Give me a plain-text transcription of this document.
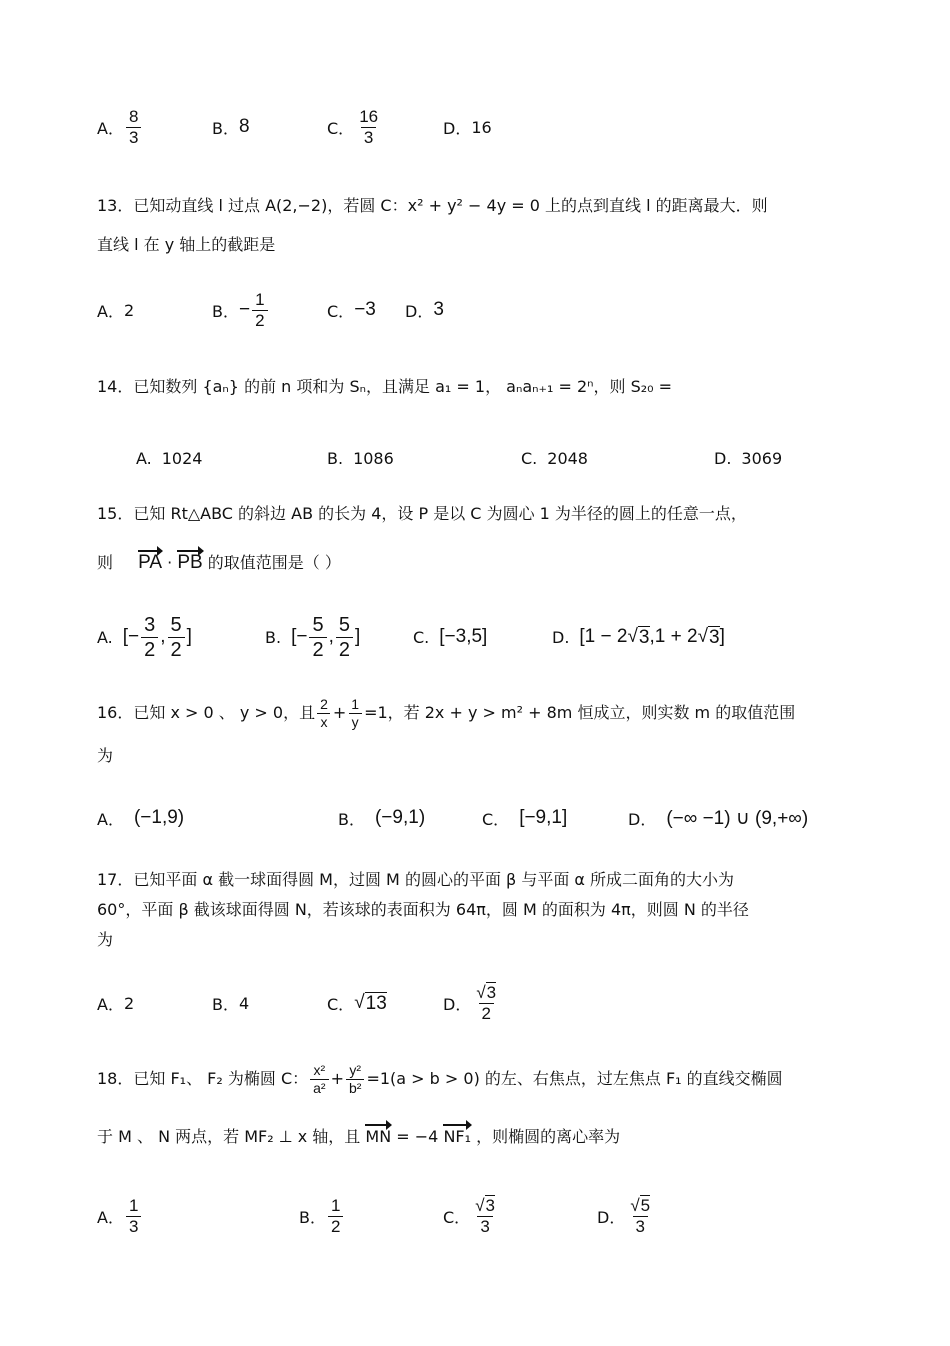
A． $\frac{8}{3}$	B． 8	C． $\frac{16}{3}$	D． 16
13．已知动直线 l 过点 A(2,−2)，若圆 C：x² + y² − 4y = 0 上的点到直线 l 的距离最大．则
直线 l 在 y 轴上的截距是
A． 2	B． − $\frac{1}{2}$	C． −3 D． 3
14．已知数列 {aₙ} 的前 n 项和为 Sₙ，且满足 a₁ = 1， aₙaₙ₊₁ = 2ⁿ，则 S₂₀ =
A. 1024	B. 1086	C. 2048	D. 3069
15．已知 Rt△ABC 的斜边 AB 的长为 4，设 P 是以 C 为圆心 1 为半径的圆上的任意一点，
则 PA · PB 的取值范围是（ ）
A. [− $\frac{3}{2}$ , $\frac{5}{2}$ ]	B. [− $\frac{5}{2}$ , $\frac{5}{2}$ ]	C. [−3,5]	D. [1 − 2 √ 3 ,1 + 2 √ 3 ]
16．已知 x > 0 、 y > 0，且 $\frac{2}{x} + \frac{1}{y} =1$，若 2x + y > m² + 8m 恒成立，则实数 m 的取值范围
为
A． (−1,9)	B． (−9,1)	C． [−9,1]	D． (−∞ −1) ∪ (9,+∞)
17．已知平面 α 截一球面得圆 M，过圆 M 的圆心的平面 β 与平面 α 所成二面角的大小为
60°，平面 β 截该球面得圆 N，若该球的表面积为 64π，圆 M 的面积为 4π，则圆 N 的半径
为
A． 2	B． 4	C． √ 13	D． $\frac{√3}{2}$
18．已知 F₁、 F₂ 为椭圆 C： $\frac{\text{x²}}{\text{a²}} + \frac{\text{y²}}{\text{b²}} =1(a > b > 0)$ 的左、右焦点，过左焦点 F₁ 的直线交椭圆
于 M 、 N 两点，若 MF₂ ⊥ x 轴，且 MN = −4 NF₁ ，则椭圆的离心率为
A． $\frac{1}{3}$	B． $\frac{1}{2}$	C． $\frac{√3}{3}$	D． $\frac{√5}{3}$
